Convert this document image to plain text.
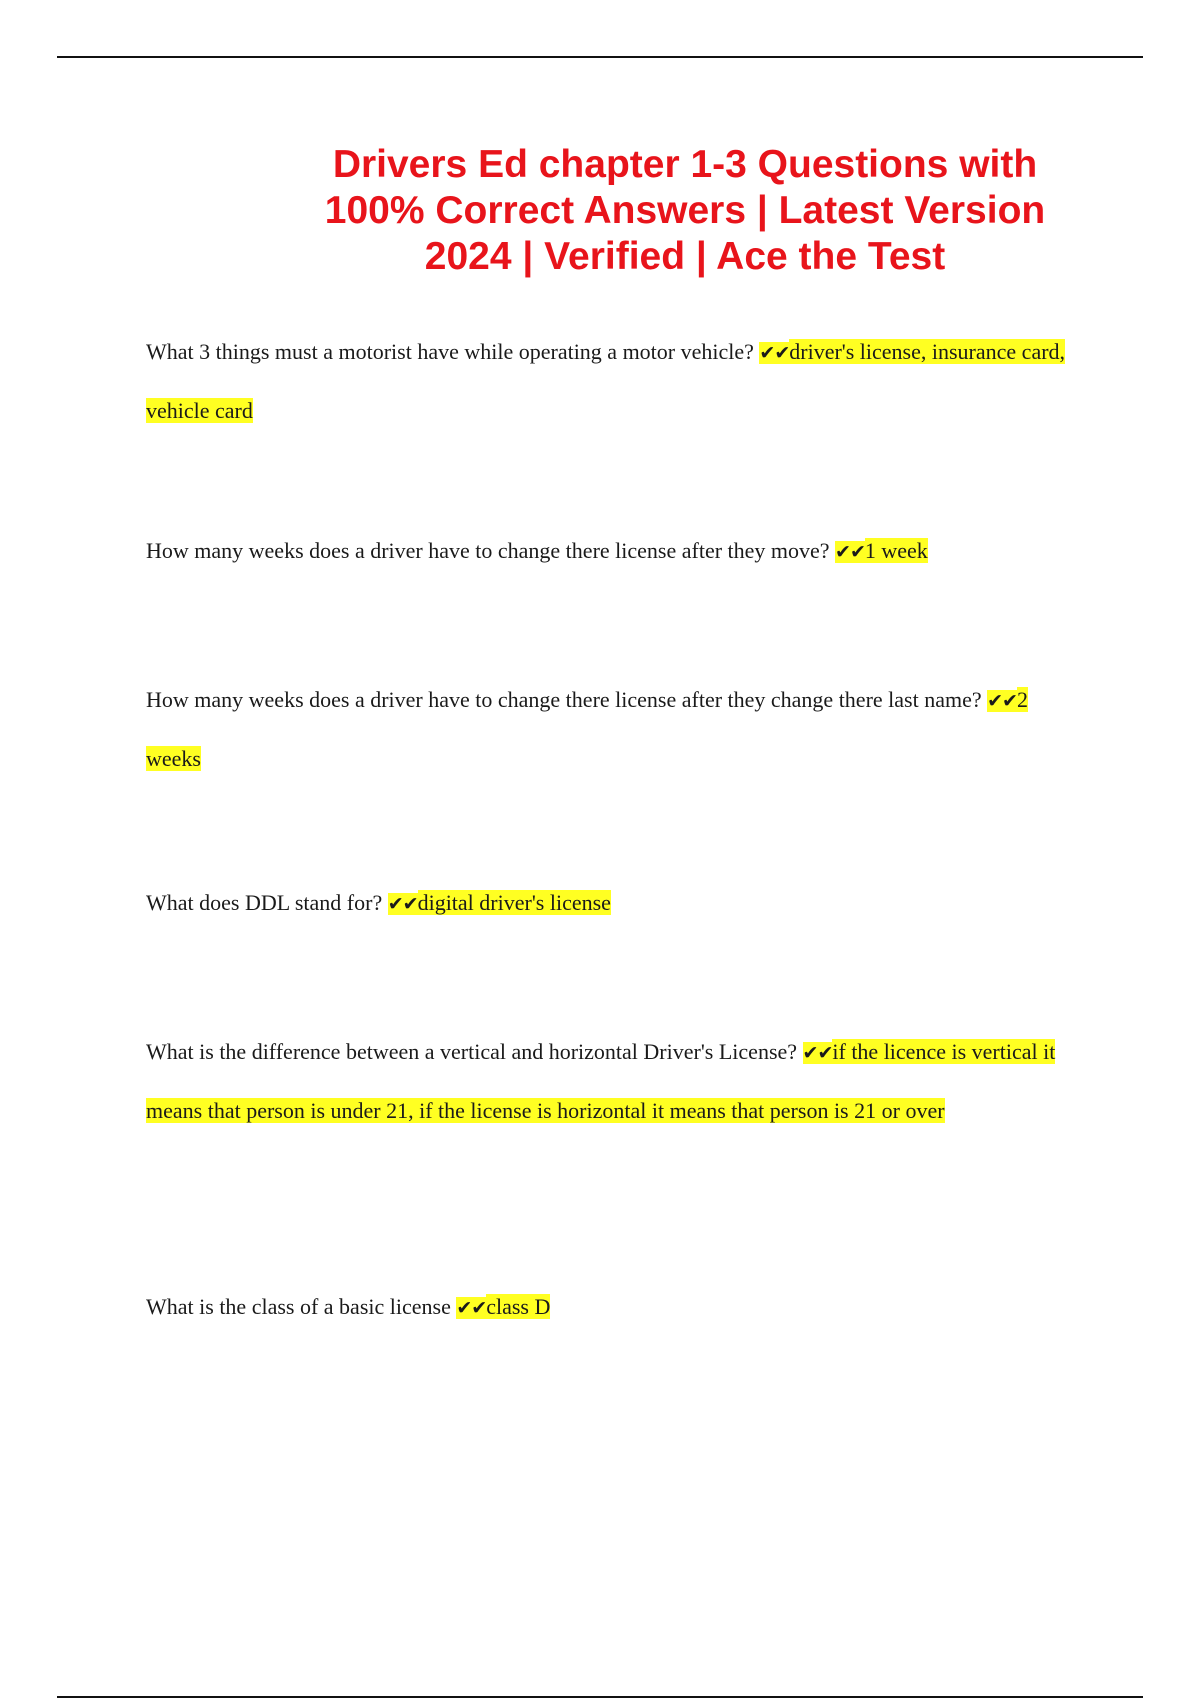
Drivers Ed chapter 1-3 Questions with
100% Correct Answers | Latest Version
2024 | Verified | Ace the Test

What 3 things must a motorist have while operating a motor vehicle? ✔✔driver's license, insurance card, vehicle card

How many weeks does a driver have to change there license after they move? ✔✔1 week

How many weeks does a driver have to change there license after they change there last name? ✔✔2 weeks

What does DDL stand for? ✔✔digital driver's license

What is the difference between a vertical and horizontal Driver's License? ✔✔if the licence is vertical it means that person is under 21, if the license is horizontal it means that person is 21 or over

What is the class of a basic license ✔✔class D
